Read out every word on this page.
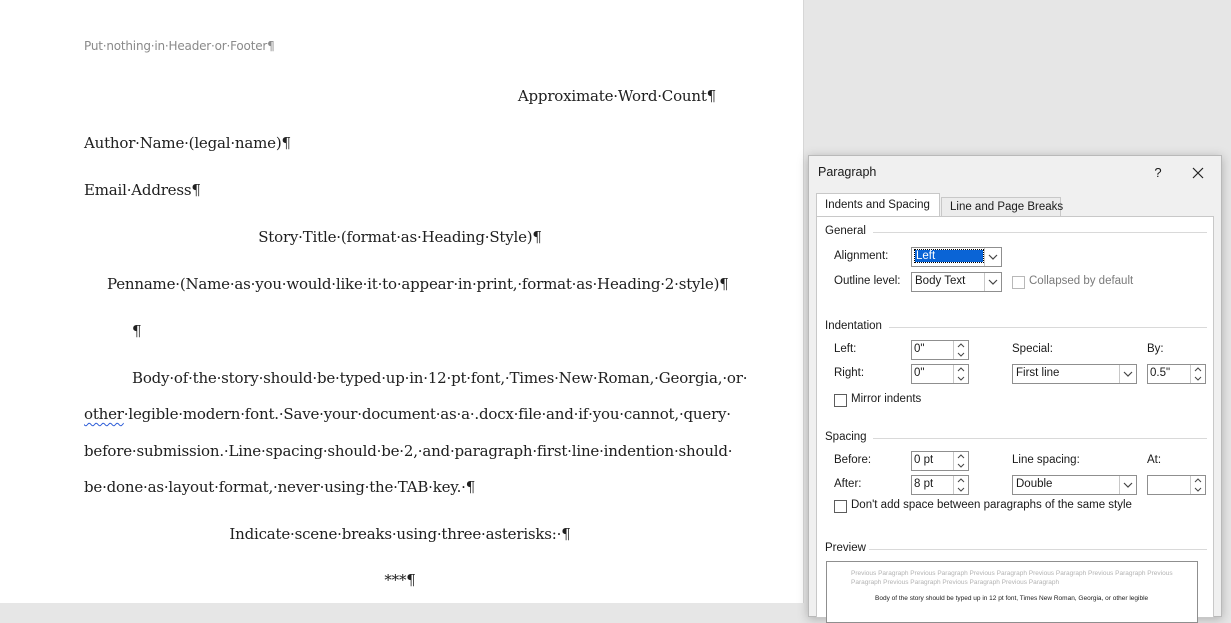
Put·nothing·in·Header·or·Footer¶
Approximate·Word·Count¶
Author·Name·(legal·name)¶
Email·Address¶
Story·Title·(format·as·Heading·Style)¶
Penname·(Name·as·you·would·like·it·to·appear·in·print,·format·as·Heading·2·style)¶
¶
Body·of·the·story·should·be·typed·up·in·12·pt·font,·Times·New·Roman,·Georgia,·or·
other·legible·modern·font.·Save·your·document·as·a·.docx·file·and·if·you·cannot,·query·
before·submission.·Line·spacing·should·be·2,·and·paragraph·first·line·indention·should·
be·done·as·layout·format,·never·using·the·TAB·key.·¶
Indicate·scene·breaks·using·three·asterisks:·¶
***¶
Paragraph	?
Indents and Spacing	Line and Page Breaks
General
Alignment: Left
Outline level: Body Text	Collapsed by default
Indentation
Left:	0"
Right:	0"
Special:
First line
By:
0.5"
Mirror indents
Spacing
Before:	0 pt
After:	8 pt
Line spacing:
Double
At:
Don't add space between paragraphs of the same style
Preview
Previous Paragraph Previous Paragraph Previous Paragraph Previous Paragraph Previous Paragraph Previous
Paragraph Previous Paragraph Previous Paragraph Previous Paragraph
Body of the story should be typed up in 12 pt font, Times New Roman, Georgia, or other legible
